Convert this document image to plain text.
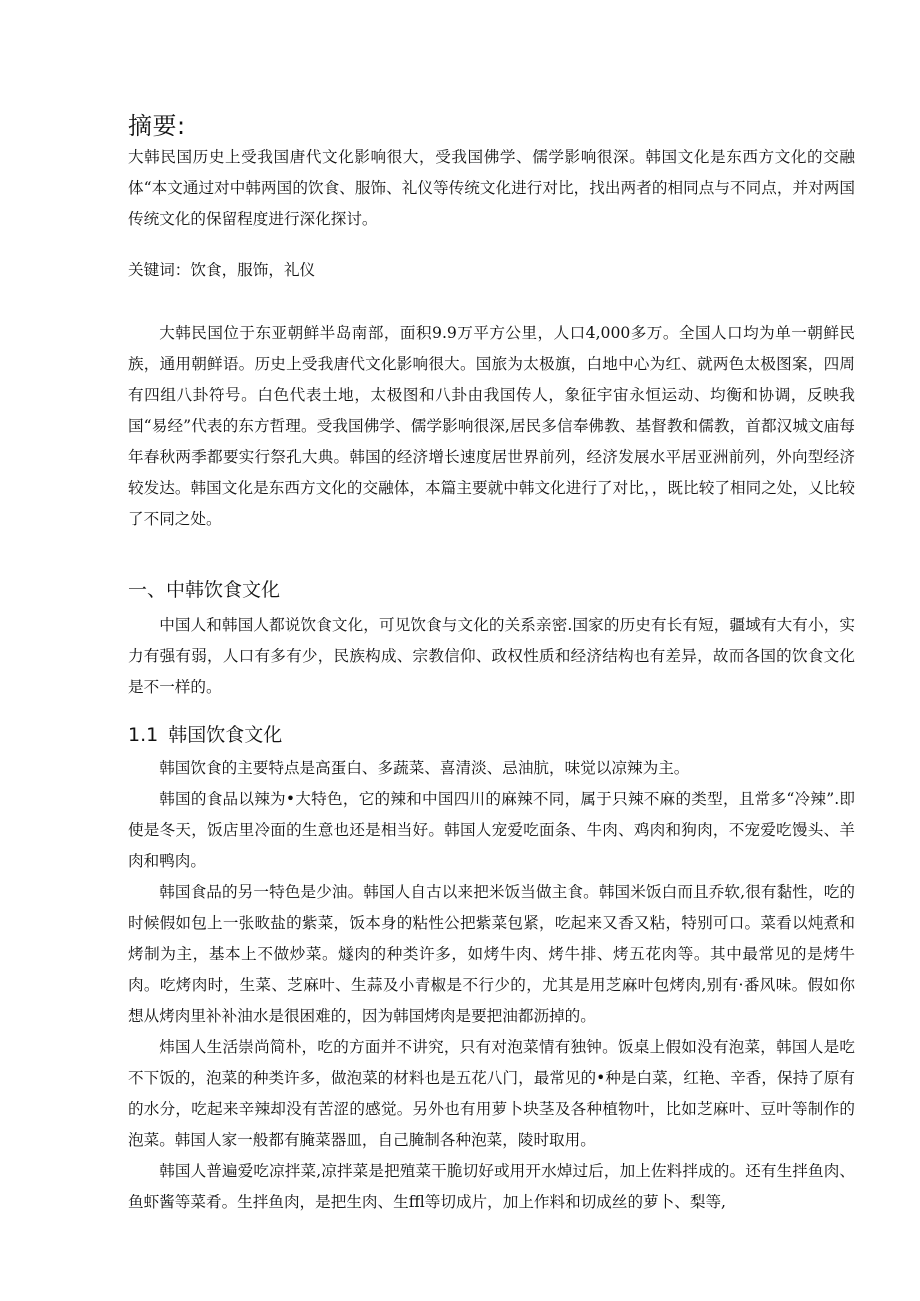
摘要:

大韩民国历史上受我国唐代文化影响很大，受我国佛学、儒学影响很深。韩国文化是东西方文化的交融体“本文通过对中韩两国的饮食、服饰、礼仪等传统文化进行对比，找出两者的相同点与不同点，并对两国传统文化的保留程度进行深化探讨。

关键词：饮食，服饰，礼仪

大韩民国位于东亚朝鲜半岛南部，面积9.9万平方公里，人口4,000多万。全国人口均为单一朝鲜民族，通用朝鲜语。历史上受我唐代文化影响很大。国旅为太极旗，白地中心为红、就两色太极图案，四周有四组八卦符号。白色代表土地，太极图和八卦由我国传人，象征宇宙永恒运动、均衡和协调，反映我国“易经”代表的东方哲理。受我国佛学、儒学影响很深,居民多信奉佛教、基督教和儒教，首都汉城文庙每年春秋两季都要实行祭孔大典。韩国的经济增长速度居世界前列，经济发展水平居亚洲前列，外向型经济较发达。韩国文化是东西方文化的交融体，本篇主要就中韩文化进行了对比，，既比较了相同之处，乂比较了不同之处。

一、中韩饮食文化

中国人和韩国人都说饮食文化，可见饮食与文化的关系亲密.国家的历史有长有短，疆域有大有小，实力有强有弱，人口有多有少，民族构成、宗教信仰、政权性质和经济结构也有差异，故而各国的饮食文化是不一样的。

1.1 韩国饮食文化

韩国饮食的主要特点是高蛋白、多蔬菜、喜清淡、忌油肮，味觉以凉辣为主。

韩国的食品以辣为•大特色，它的辣和中国四川的麻辣不同，属于只辣不麻的类型，且常多“冷辣”.即使是冬天，饭店里冷面的生意也还是相当好。韩国人宠爱吃面条、牛肉、鸡肉和狗肉，不宠爱吃馒头、羊肉和鸭肉。

韩国食品的另一特色是少油。韩国人自古以来把米饭当做主食。韩国米饭白而且乔软,很有黏性，吃的时候假如包上一张畋盐的紫菜，饭本身的粘性公把紫菜包紧，吃起来又香又粘，特别可口。菜看以炖煮和烤制为主，基本上不做炒菜。燧肉的种类许多，如烤牛肉、烤牛排、烤五花肉等。其中最常见的是烤牛肉。吃烤肉时，生菜、芝麻叶、生蒜及小青椒是不行少的，尤其是用芝麻叶包烤肉,别有·番风味。假如你想从烤肉里补补油水是很困难的，因为韩国烤肉是要把油都沥掉的。

炜国人生活崇尚简朴，吃的方面并不讲究，只有对泡菜情有独钟。饭桌上假如没有泡菜，韩国人是吃不下饭的，泡菜的种类许多，做泡菜的材料也是五花八门，最常见的•种是白菜，红艳、辛香，保持了原有的水分，吃起来辛辣却没有苦涩的感觉。另外也有用萝卜块茎及各种植物叶，比如芝麻叶、豆叶等制作的泡菜。韩国人家一般都有腌菜器皿，自己腌制各种泡菜，陵时取用。

韩国人普遍爱吃凉拌菜,凉拌菜是把殖菜干脆切好或用开水焯过后，加上佐料拌成的。还有生拌鱼肉、鱼虾酱等菜肴。生拌鱼肉，是把生肉、生ffl等切成片，加上作料和切成丝的萝卜、梨等,
